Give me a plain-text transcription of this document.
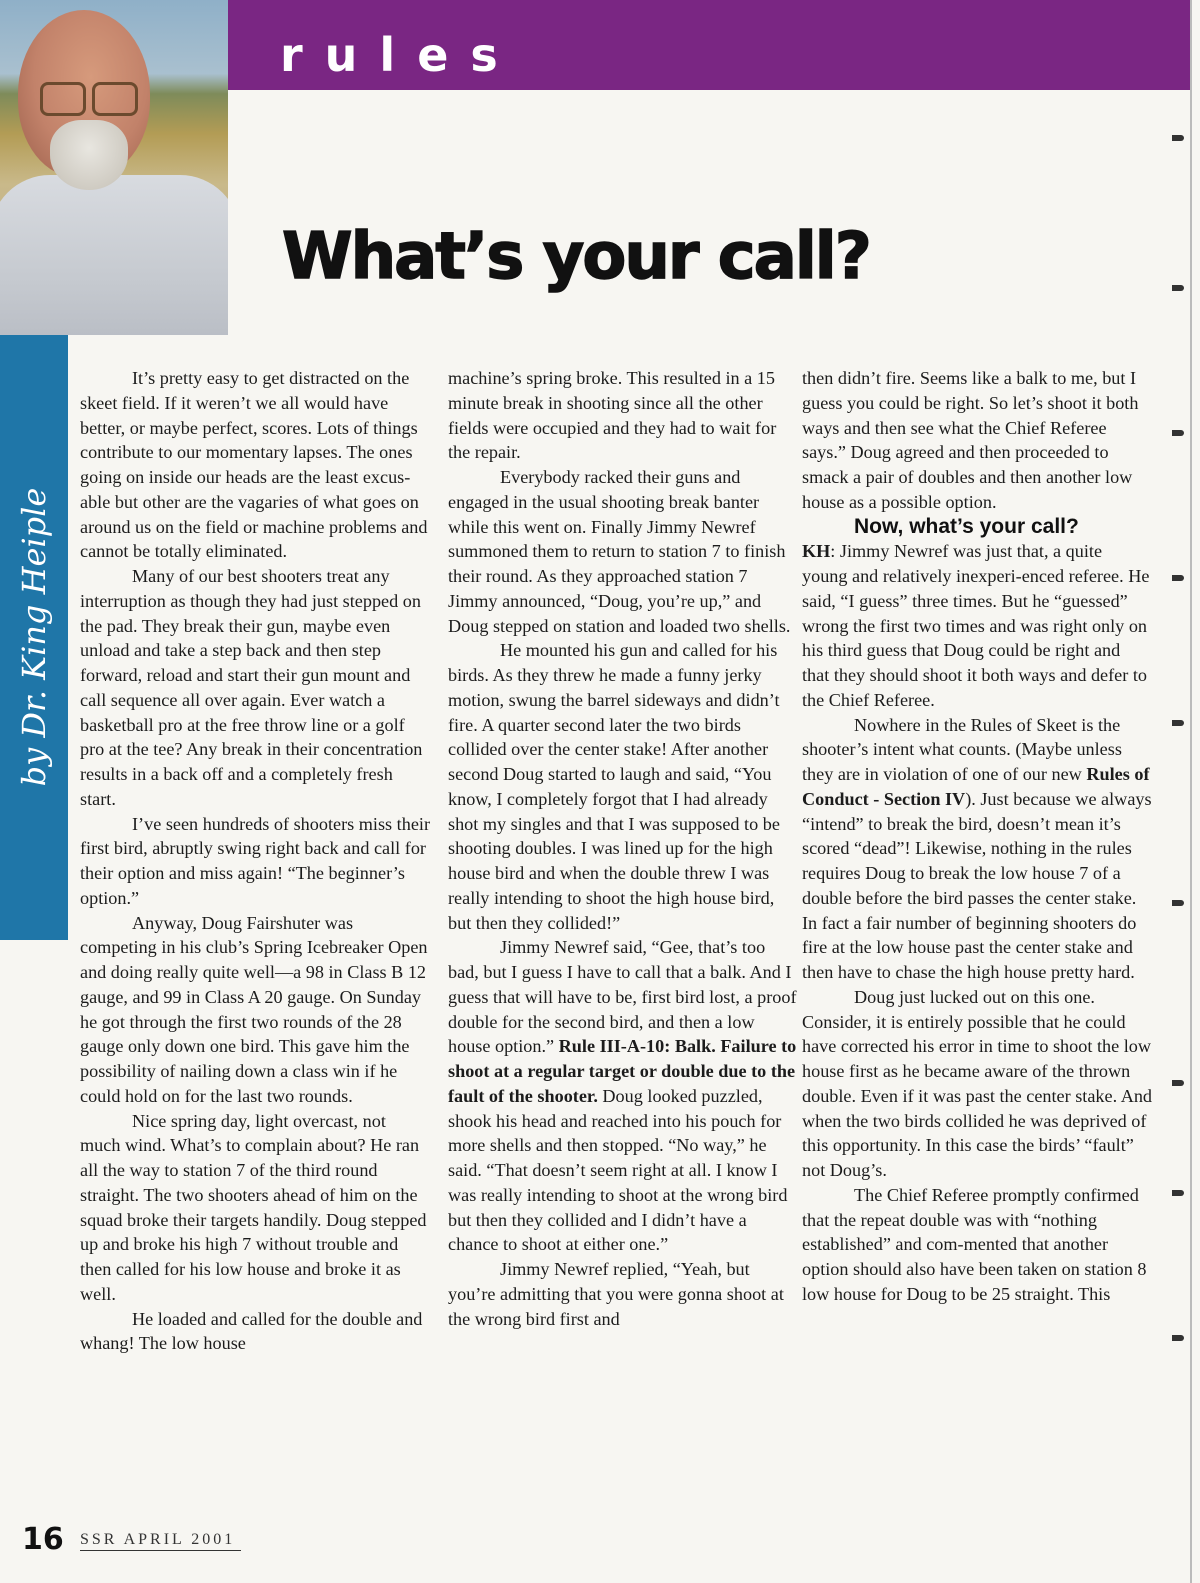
rules

What’s your call?
by Dr. King Heiple

It’s pretty easy to get distracted on the skeet field. If it weren’t we all would have better, or maybe perfect, scores. Lots of things contribute to our momentary lapses. The ones going on inside our heads are the least excus-able but other are the vagaries of what goes on around us on the field or machine problems and cannot be totally eliminated.

Many of our best shooters treat any interruption as though they had just stepped on the pad. They break their gun, maybe even unload and take a step back and then step forward, reload and start their gun mount and call sequence all over again. Ever watch a basketball pro at the free throw line or a golf pro at the tee? Any break in their concentration results in a back off and a completely fresh start.

I’ve seen hundreds of shooters miss their first bird, abruptly swing right back and call for their option and miss again! “The beginner’s option.”

Anyway, Doug Fairshuter was competing in his club’s Spring Icebreaker Open and doing really quite well—a 98 in Class B 12 gauge, and 99 in Class A 20 gauge. On Sunday he got through the first two rounds of the 28 gauge only down one bird. This gave him the possibility of nailing down a class win if he could hold on for the last two rounds.

Nice spring day, light overcast, not much wind. What’s to complain about? He ran all the way to station 7 of the third round straight. The two shooters ahead of him on the squad broke their targets handily. Doug stepped up and broke his high 7 without trouble and then called for his low house and broke it as well.

He loaded and called for the double and whang! The low house

machine’s spring broke. This resulted in a 15 minute break in shooting since all the other fields were occupied and they had to wait for the repair.

Everybody racked their guns and engaged in the usual shooting break banter while this went on. Finally Jimmy Newref summoned them to return to station 7 to finish their round. As they approached station 7 Jimmy announced, “Doug, you’re up,” and Doug stepped on station and loaded two shells.

He mounted his gun and called for his birds. As they threw he made a funny jerky motion, swung the barrel sideways and didn’t fire. A quarter second later the two birds collided over the center stake! After another second Doug started to laugh and said, “You know, I completely forgot that I had already shot my singles and that I was supposed to be shooting doubles. I was lined up for the high house bird and when the double threw I was really intending to shoot the high house bird, but then they collided!”

Jimmy Newref said, “Gee, that’s too bad, but I guess I have to call that a balk. And I guess that will have to be, first bird lost, a proof double for the second bird, and then a low house option.” Rule III-A-10: Balk. Failure to shoot at a regular target or double due to the fault of the shooter. Doug looked puzzled, shook his head and reached into his pouch for more shells and then stopped. “No way,” he said. “That doesn’t seem right at all. I know I was really intending to shoot at the wrong bird but then they collided and I didn’t have a chance to shoot at either one.”

Jimmy Newref replied, “Yeah, but you’re admitting that you were gonna shoot at the wrong bird first and

then didn’t fire. Seems like a balk to me, but I guess you could be right. So let’s shoot it both ways and then see what the Chief Referee says.” Doug agreed and then proceeded to smack a pair of doubles and then another low house as a possible option.

Now, what’s your call?

KH: Jimmy Newref was just that, a quite young and relatively inexperi-enced referee. He said, “I guess” three times. But he “guessed” wrong the first two times and was right only on his third guess that Doug could be right and that they should shoot it both ways and defer to the Chief Referee.

Nowhere in the Rules of Skeet is the shooter’s intent what counts. (Maybe unless they are in violation of one of our new Rules of Conduct - Section IV). Just because we always “intend” to break the bird, doesn’t mean it’s scored “dead”! Likewise, nothing in the rules requires Doug to break the low house 7 of a double before the bird passes the center stake. In fact a fair number of beginning shooters do fire at the low house past the center stake and then have to chase the high house pretty hard.

Doug just lucked out on this one. Consider, it is entirely possible that he could have corrected his error in time to shoot the low house first as he became aware of the thrown double. Even if it was past the center stake. And when the two birds collided he was deprived of this opportunity. In this case the birds’ “fault” not Doug’s.

The Chief Referee promptly confirmed that the repeat double was with “nothing established” and com-mented that another option should also have been taken on station 8 low house for Doug to be 25 straight. This

16 SSR APRIL 2001
